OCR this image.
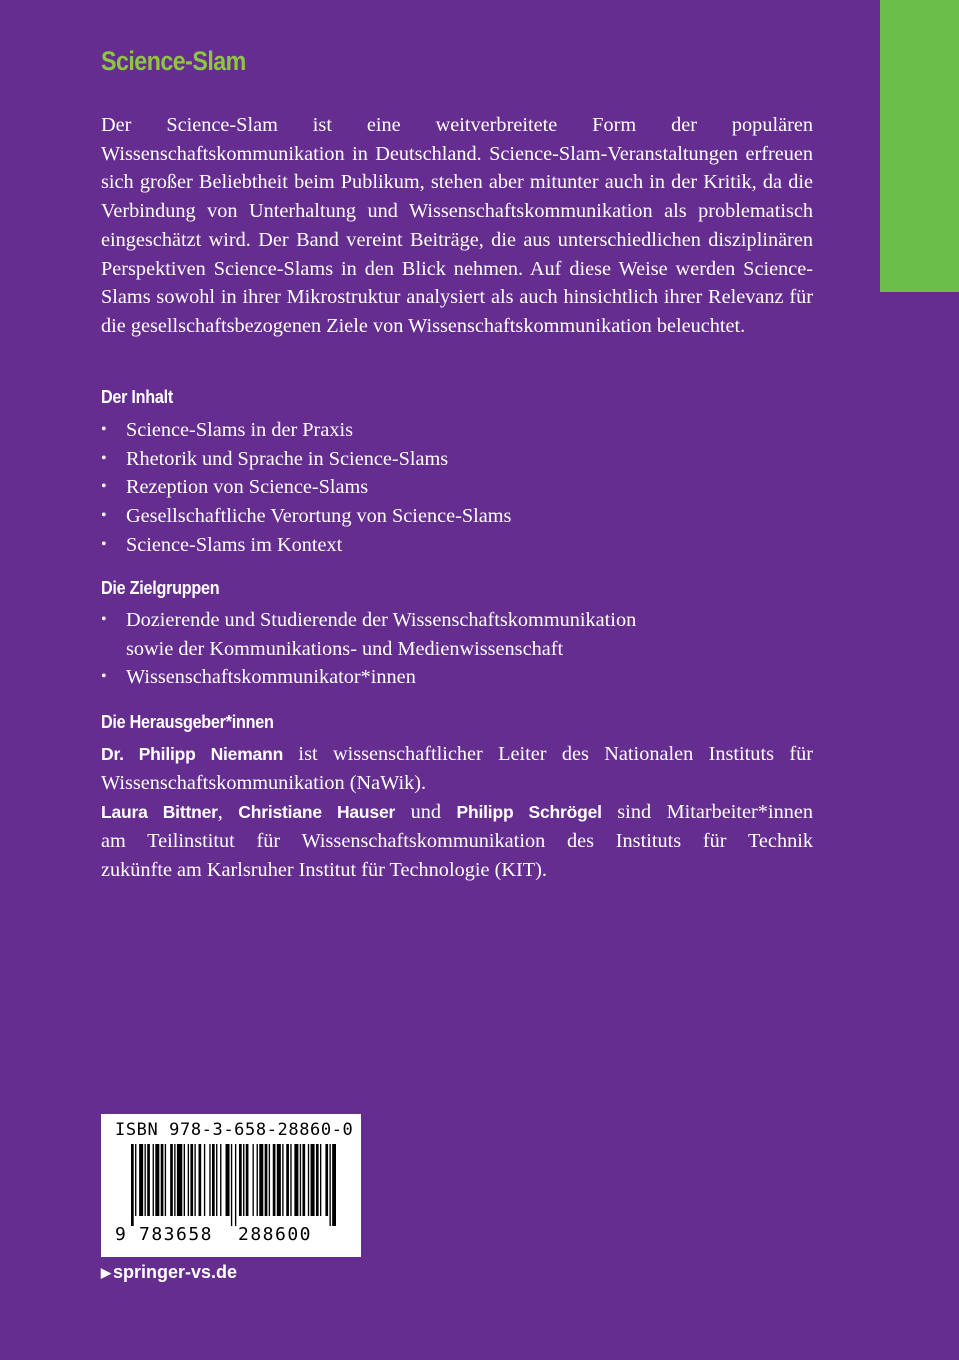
Science-Slam

Der Science-Slam ist eine weitverbreitete Form der populären Wissenschaftskommunikation in Deutschland. Science-Slam-Veranstaltungen erfreuen sich großer Beliebtheit beim Publikum, stehen aber mitunter auch in der Kritik, da die Verbindung von Unterhaltung und Wissenschaftskommunikation als problematisch eingeschätzt wird. Der Band vereint Beiträge, die aus unterschiedlichen disziplinären Perspektiven Science-Slams in den Blick nehmen. Auf diese Weise werden Science-Slams sowohl in ihrer Mikrostruktur analysiert als auch hinsichtlich ihrer Relevanz für die gesellschaftsbezogenen Ziele von Wissenschaftskommunikation beleuchtet.

Der Inhalt
• Science-Slams in der Praxis
• Rhetorik und Sprache in Science-Slams
• Rezeption von Science-Slams
• Gesellschaftliche Verortung von Science-Slams
• Science-Slams im Kontext
Die Zielgruppen
• Dozierende und Studierende der Wissenschaftskommunikation
sowie der Kommunikations- und Medienwissenschaft
• Wissenschaftskommunikator*innen
Die Herausgeber*innen
Dr. Philipp Niemann ist wissenschaftlicher Leiter des Nationalen Instituts für
Wissenschaftskommunikation (NaWik).
Laura Bittner, Christiane Hauser und Philipp Schrögel sind Mitarbeiter*innen
am Teilinstitut für Wissenschaftskommunikation des Instituts für Technik
zukünfte am Karlsruher Institut für Technologie (KIT).
ISBN 978-3-658-28860-0
9 783658 288600
▶ springer-vs.de
